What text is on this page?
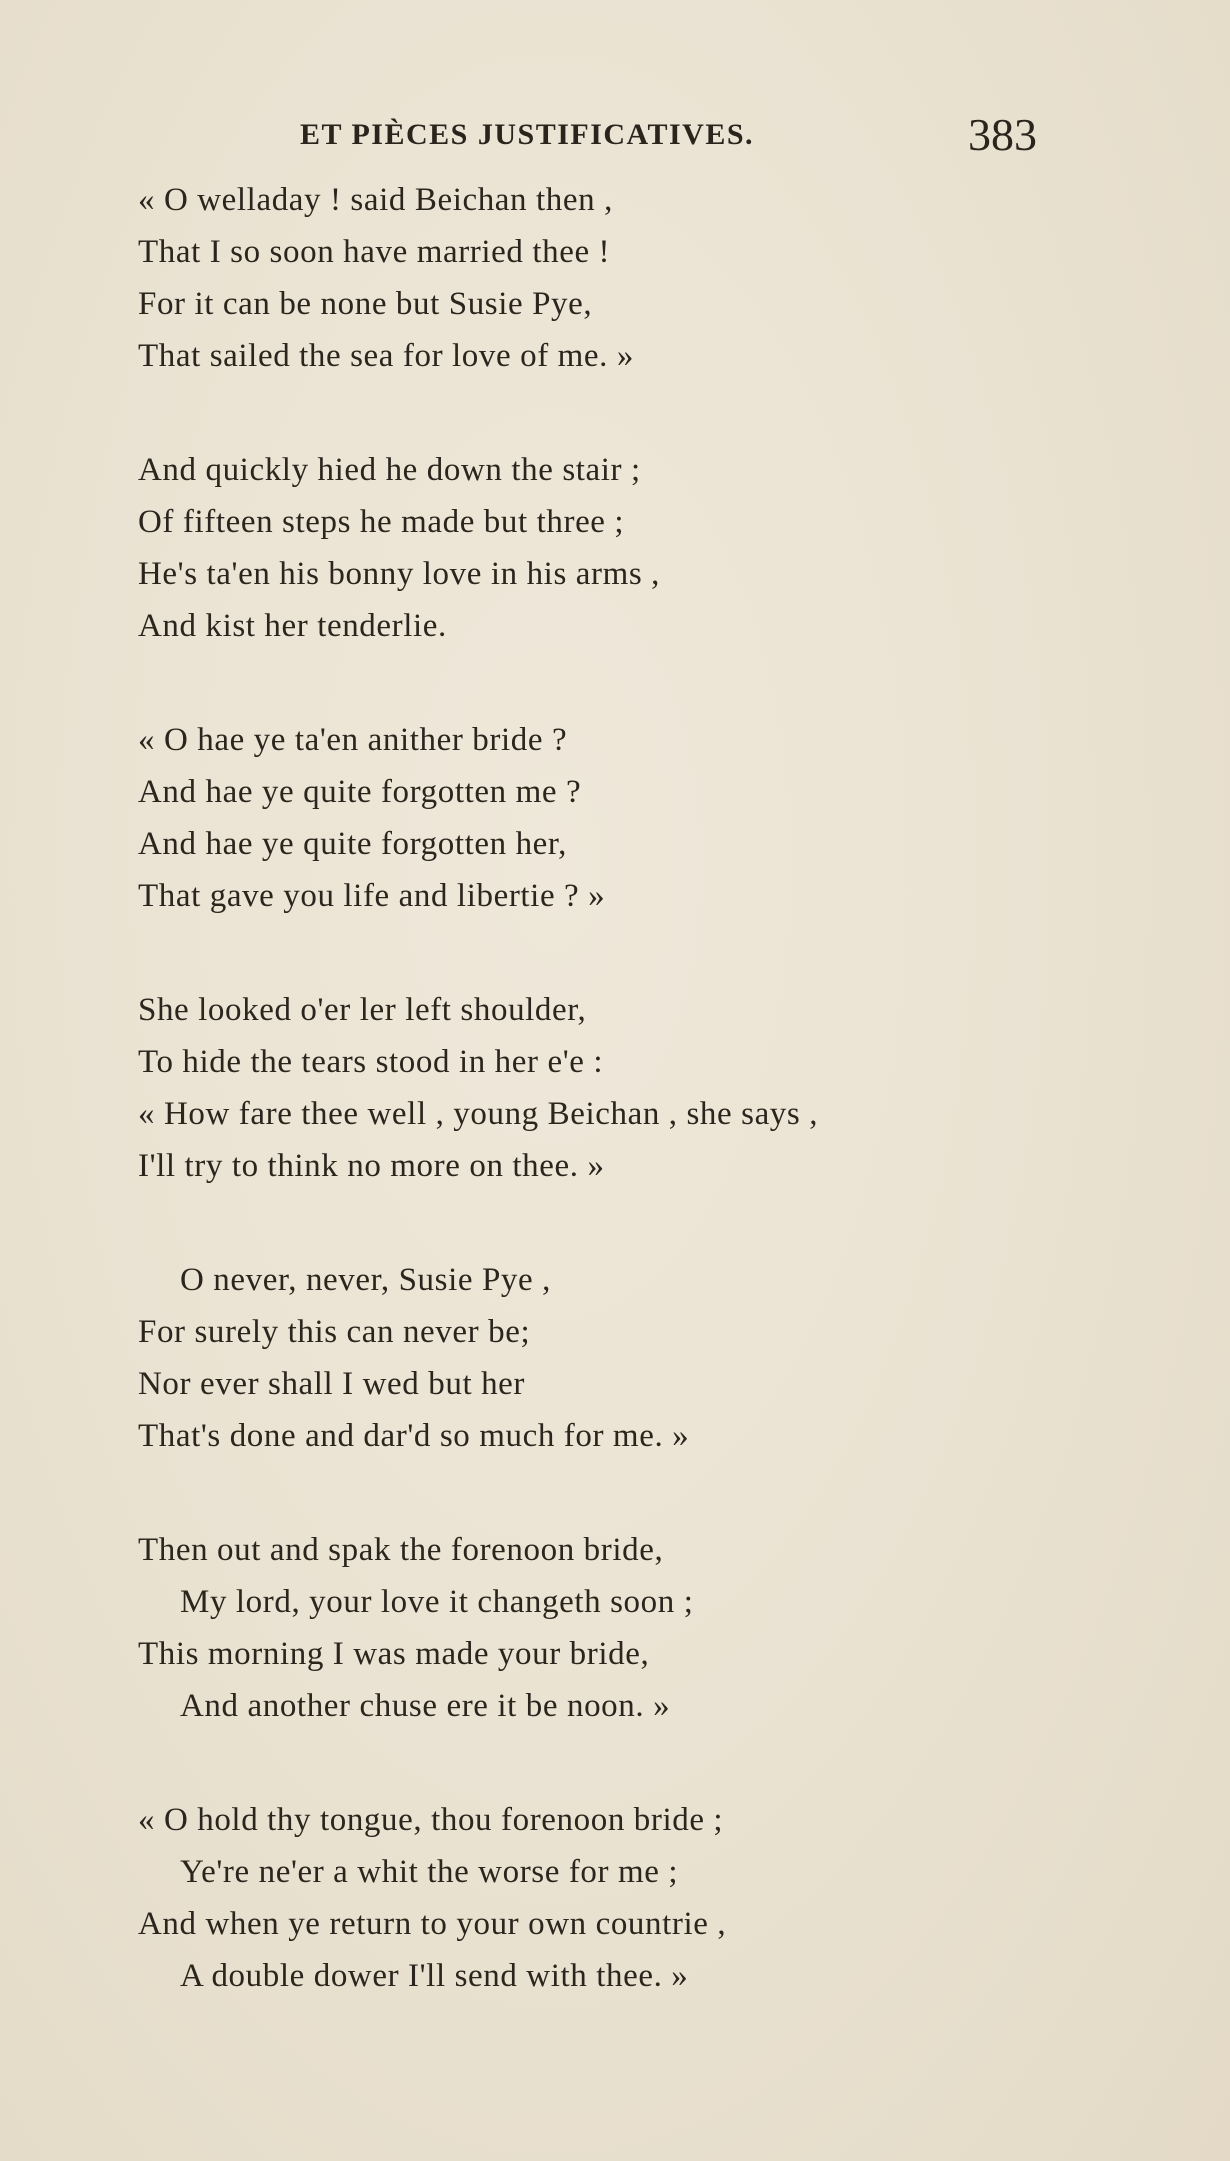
ET PIÈCES JUSTIFICATIVES.	383
« O welladay ! said Beichan then ,
That I so soon have married thee !
For it can be none but Susie Pye,
That sailed the sea for love of me. »
And quickly hied he down the stair ;
Of fifteen steps he made but three ;
He's ta'en his bonny love in his arms ,
And kist her tenderlie.
« O hae ye ta'en anither bride ?
And hae ye quite forgotten me ?
And hae ye quite forgotten her,
That gave you life and libertie ? »
She looked o'er ler left shoulder,
To hide the tears stood in her e'e :
« How fare thee well , young Beichan , she says ,
I'll try to think no more on thee. »
O never, never, Susie Pye ,
For surely this can never be;
Nor ever shall I wed but her
That's done and dar'd so much for me. »
Then out and spak the forenoon bride,
My lord, your love it changeth soon ;
This morning I was made your bride,
And another chuse ere it be noon. »
« O hold thy tongue, thou forenoon bride ;
Ye're ne'er a whit the worse for me ;
And when ye return to your own countrie ,
A double dower I'll send with thee. »
